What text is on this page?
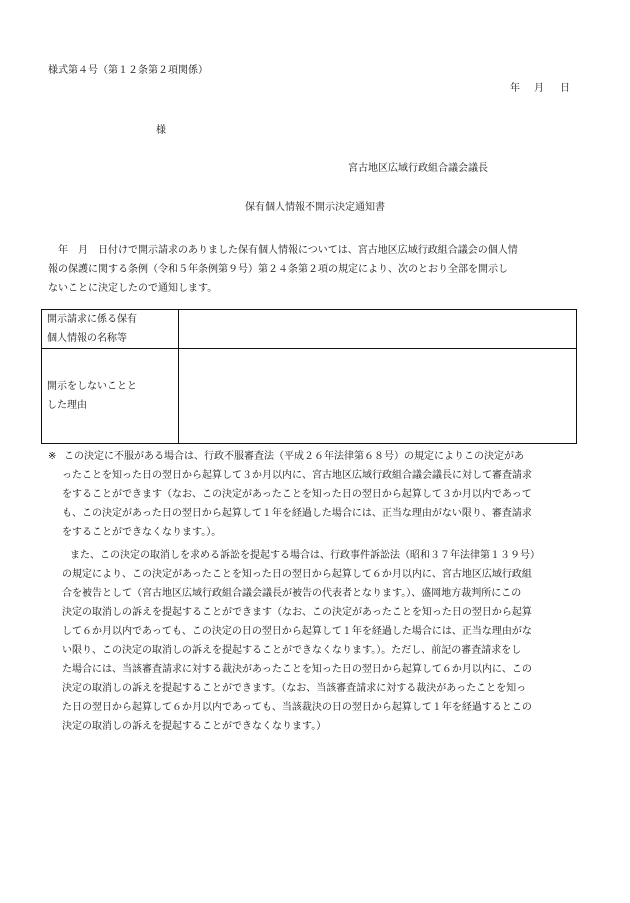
様式第４号（第１２条第２項関係）
年 月 日
様
宮古地区広域行政組合議会議長
保有個人情報不開示決定通知書

　年　月　日付けで開示請求のありました保有個人情報については、宮古地区広域行政組合議会の個人情

報の保護に関する条例（令和５年条例第９号）第２４条第２項の規定により、次のとおり全部を開示し

ないことに決定したので通知します。

開示請求に係る保有
個人情報の名称等	

開示をしないことと
した理由	

※ この決定に不服がある場合は、行政不服審査法（平成２６年法律第６８号）の規定によりこの決定があ
ったことを知った日の翌日から起算して３か月以内に、宮古地区広域行政組合議会議長に対して審査請求
をすることができます（なお、この決定があったことを知った日の翌日から起算して３か月以内であって
も、この決定があった日の翌日から起算して１年を経過した場合には、正当な理由がない限り、審査請求
をすることができなくなります。）。
また、この決定の取消しを求める訴訟を提起する場合は、行政事件訴訟法（昭和３７年法律第１３９号）
の規定により、この決定があったことを知った日の翌日から起算して６か月以内に、宮古地区広域行政組
合を被告として（宮古地区広域行政組合議会議長が被告の代表者となります。）、盛岡地方裁判所にこの
決定の取消しの訴えを提起することができます（なお、この決定があったことを知った日の翌日から起算
して６か月以内であっても、この決定の日の翌日から起算して１年を経過した場合には、正当な理由がな
い限り、この決定の取消しの訴えを提起することができなくなります。）。ただし、前記の審査請求をし
た場合には、当該審査請求に対する裁決があったことを知った日の翌日から起算して６か月以内に、この
決定の取消しの訴えを提起することができます。（なお、当該審査請求に対する裁決があったことを知っ
た日の翌日から起算して６か月以内であっても、当該裁決の日の翌日から起算して１年を経過するとこの
決定の取消しの訴えを提起することができなくなります。）
